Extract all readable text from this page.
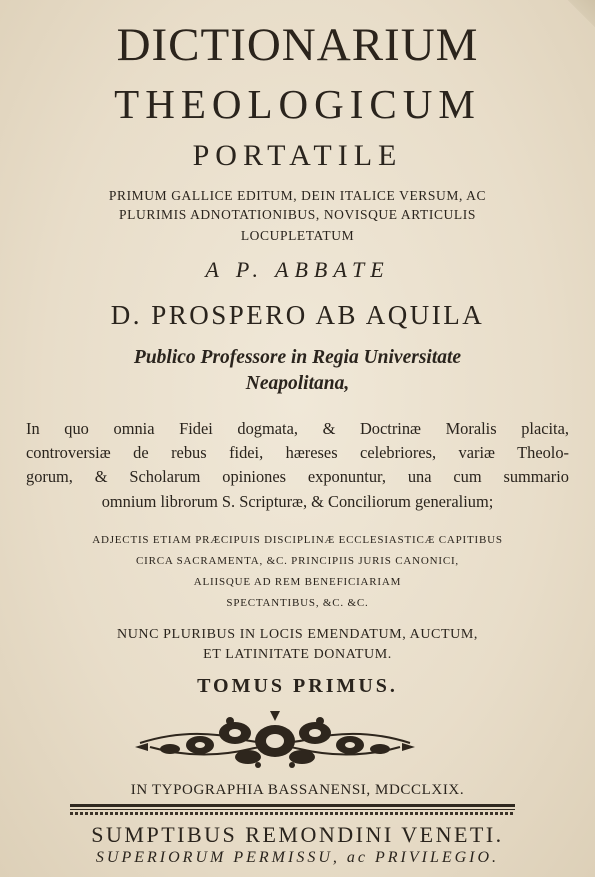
DICTIONARIUM
THEOLOGICUM
PORTATILE
PRIMUM GALLICE EDITUM, DEIN ITALICE VERSUM, AC
PLURIMIS ADNOTATIONIBUS, NOVISQUE ARTICULIS
LOCUPLETATUM
A P. ABBATE
D. PROSPERO AB AQUILA
Publico Professore in Regia Universitate
Neapolitana,
In quo omnia Fidei dogmata, & Doctrinæ Moralis placita,
controversiæ de rebus fidei, hæreses celebriores, variæ Theolo-
gorum, & Scholarum opiniones exponuntur, una cum summario
omnium librorum S. Scripturæ, & Conciliorum generalium;
ADJECTIS ETIAM PRÆCIPUIS DISCIPLINÆ ECCLESIASTICÆ CAPITIBUS
CIRCA SACRAMENTA, &C. PRINCIPIIS JURIS CANONICI,
ALIISQUE AD REM BENEFICIARIAM
SPECTANTIBUS, &C. &C.
NUNC PLURIBUS IN LOCIS EMENDATUM, AUCTUM,
ET LATINITATE DONATUM.
TOMUS PRIMUS.
IN TYPOGRAPHIA BASSANENSI, MDCCLXIX.
SUMPTIBUS REMONDINI VENETI.
SUPERIORUM PERMISSU, ac PRIVILEGIO.
